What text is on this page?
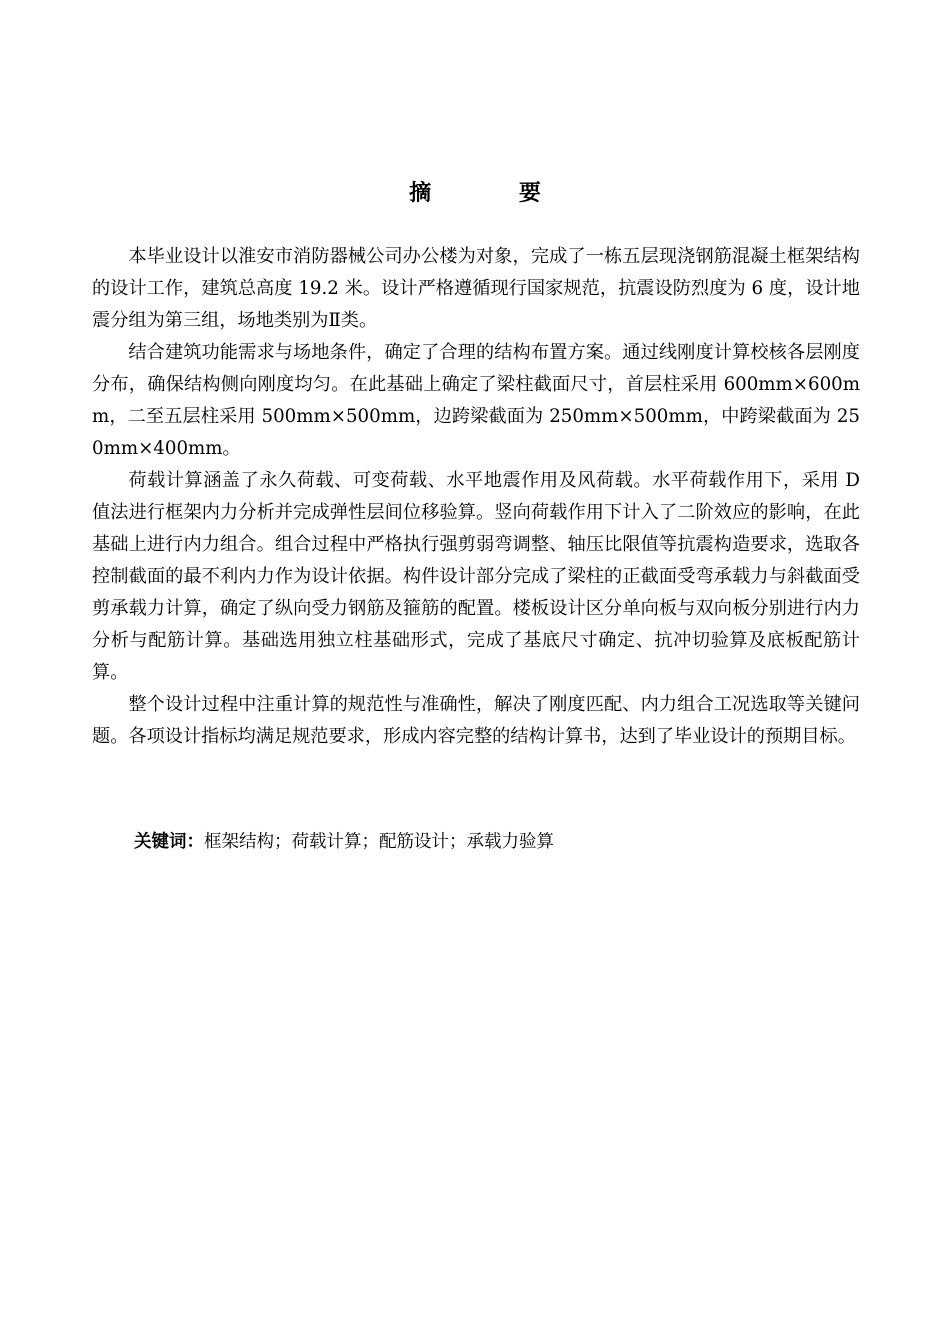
摘 要

本毕业设计以淮安市消防器械公司办公楼为对象，完成了一栋五层现浇钢筋混凝土框架结构的设计工作，建筑总高度 19.2 米。设计严格遵循现行国家规范，抗震设防烈度为 6 度，设计地震分组为第三组，场地类别为Ⅱ类。

结合建筑功能需求与场地条件，确定了合理的结构布置方案。通过线刚度计算校核各层刚度分布，确保结构侧向刚度均匀。在此基础上确定了梁柱截面尺寸，首层柱采用 600mm×600mm，二至五层柱采用 500mm×500mm，边跨梁截面为 250mm×500mm，中跨梁截面为 250mm×400mm。

荷载计算涵盖了永久荷载、可变荷载、水平地震作用及风荷载。水平荷载作用下，采用 D 值法进行框架内力分析并完成弹性层间位移验算。竖向荷载作用下计入了二阶效应的影响，在此基础上进行内力组合。组合过程中严格执行强剪弱弯调整、轴压比限值等抗震构造要求，选取各控制截面的最不利内力作为设计依据。构件设计部分完成了梁柱的正截面受弯承载力与斜截面受剪承载力计算，确定了纵向受力钢筋及箍筋的配置。楼板设计区分单向板与双向板分别进行内力分析与配筋计算。基础选用独立柱基础形式，完成了基底尺寸确定、抗冲切验算及底板配筋计算。

整个设计过程中注重计算的规范性与准确性，解决了刚度匹配、内力组合工况选取等关键问题。各项设计指标均满足规范要求，形成内容完整的结构计算书，达到了毕业设计的预期目标。

关键词：框架结构；荷载计算；配筋设计；承载力验算
